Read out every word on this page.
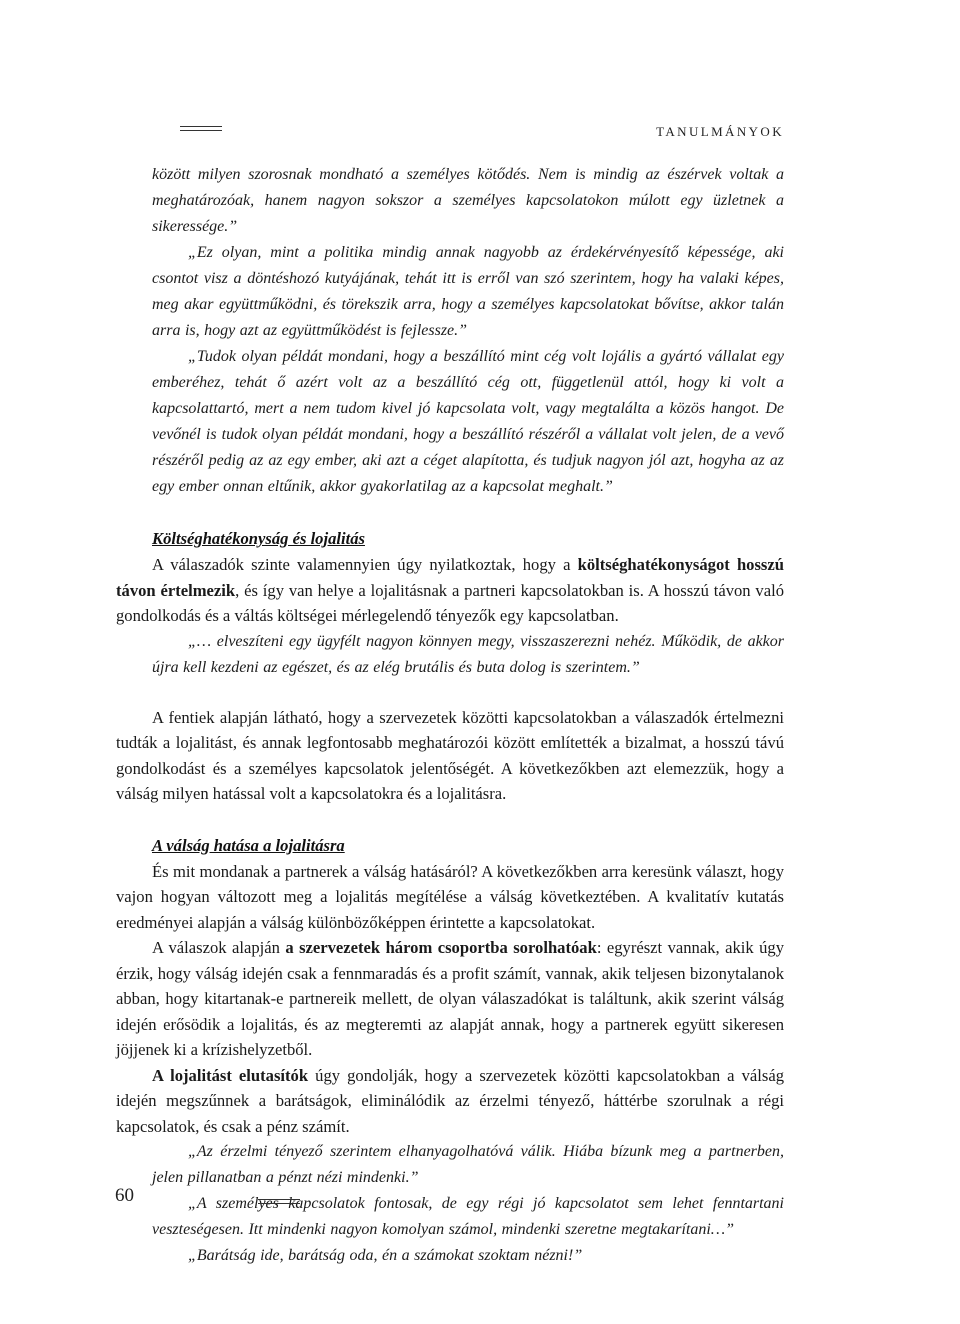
TANULMÁNYOK

között milyen szorosnak mondható a személyes kötődés. Nem is mindig az észérvek voltak a meghatározóak, hanem nagyon sokszor a személyes kapcsolatokon múlott egy üzletnek a sikeressége.”

„Ez olyan, mint a politika mindig annak nagyobb az érdekérvényesítő képessége, aki csontot visz a döntéshozó kutyájának, tehát itt is erről van szó szerintem, hogy ha valaki képes, meg akar együttműködni, és törekszik arra, hogy a személyes kapcsolatokat bővítse, akkor talán arra is, hogy azt az együttműködést is fejlessze.”

„Tudok olyan példát mondani, hogy a beszállító mint cég volt lojális a gyártó vállalat egy emberéhez, tehát ő azért volt az a beszállító cég ott, függetlenül attól, hogy ki volt a kapcsolattartó, mert a nem tudom kivel jó kapcsolata volt, vagy megtalálta a közös hangot. De vevőnél is tudok olyan példát mondani, hogy a beszállító részéről a vállalat volt jelen, de a vevő részéről pedig az az egy ember, aki azt a céget alapította, és tudjuk nagyon jól azt, hogyha az az egy ember onnan eltűnik, akkor gyakorlatilag az a kapcsolat meghalt.”

Költséghatékonyság és lojalitás

A válaszadók szinte valamennyien úgy nyilatkoztak, hogy a költséghatékonyságot hosszú távon értelmezik, és így van helye a lojalitásnak a partneri kapcsolatokban is. A hosszú távon való gondolkodás és a váltás költségei mérlegelendő tényezők egy kapcsolatban.

„… elveszíteni egy ügyfélt nagyon könnyen megy, visszaszerezni nehéz. Működik, de akkor újra kell kezdeni az egészet, és az elég brutális és buta dolog is szerintem.”

A fentiek alapján látható, hogy a szervezetek közötti kapcsolatokban a válaszadók értelmezni tudták a lojalitást, és annak legfontosabb meghatározói között említették a bizalmat, a hosszú távú gondolkodást és a személyes kapcsolatok jelentőségét. A következőkben azt elemezzük, hogy a válság milyen hatással volt a kapcsolatokra és a lojalitásra.

A válság hatása a lojalitásra

És mit mondanak a partnerek a válság hatásáról? A következőkben arra keresünk választ, hogy vajon hogyan változott meg a lojalitás megítélése a válság következtében. A kvalitatív kutatás eredményei alapján a válság különbözőképpen érintette a kapcsolatokat.

A válaszok alapján a szervezetek három csoportba sorolhatóak: egyrészt vannak, akik úgy érzik, hogy válság idején csak a fennmaradás és a profit számít, vannak, akik teljesen bizonytalanok abban, hogy kitartanak-e partnereik mellett, de olyan válaszadókat is találtunk, akik szerint válság idején erősödik a lojalitás, és az megteremti az alapját annak, hogy a partnerek együtt sikeresen jöjjenek ki a krízishelyzetből.

A lojalitást elutasítók úgy gondolják, hogy a szervezetek közötti kapcsolatokban a válság idején megszűnnek a barátságok, eliminálódik az érzelmi tényező, háttérbe szorulnak a régi kapcsolatok, és csak a pénz számít.

„Az érzelmi tényező szerintem elhanyagolhatóvá válik. Hiába bízunk meg a partnerben, jelen pillanatban a pénzt nézi mindenki.”

„A személyes kapcsolatok fontosak, de egy régi jó kapcsolatot sem lehet fenntartani veszteségesen. Itt mindenki nagyon komolyan számol, mindenki szeretne megtakarítani…”

„Barátság ide, barátság oda, én a számokat szoktam nézni!”

60
